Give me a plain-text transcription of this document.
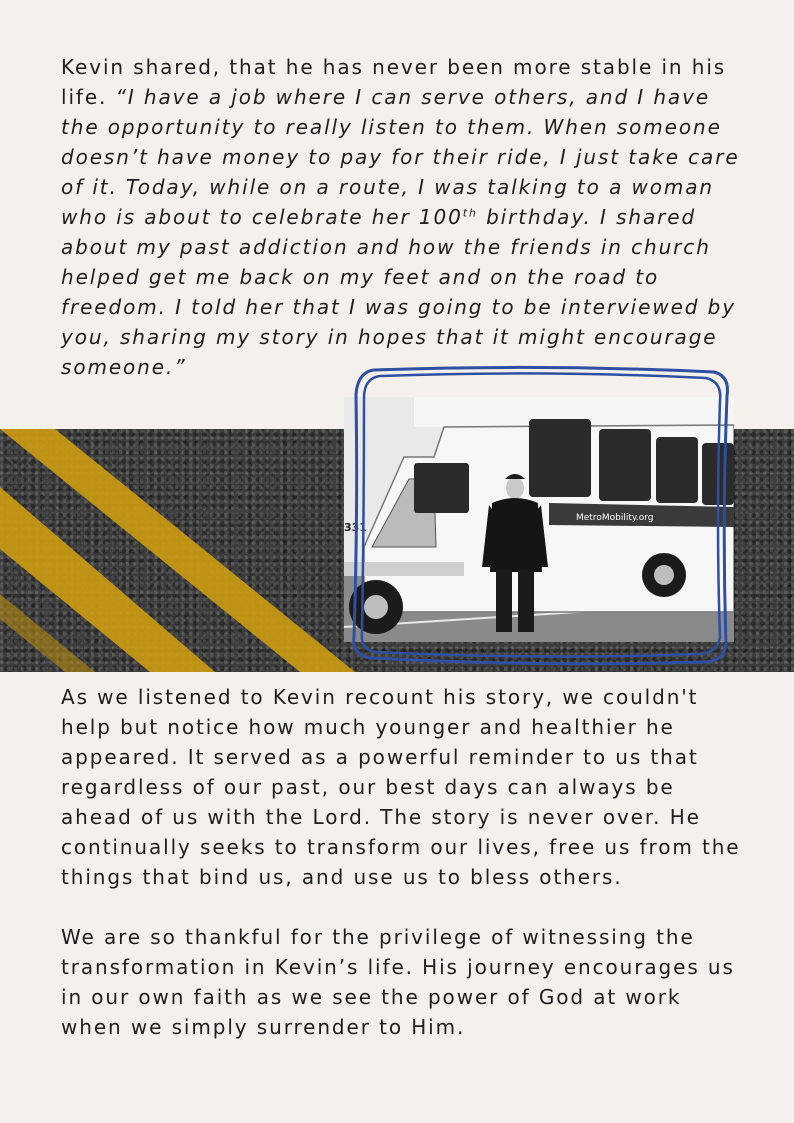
Kevin shared, that he has never been more stable in his life. “I have a job where I can serve others, and I have the opportunity to really listen to them. When someone doesn’t have money to pay for their ride, I just take care of it. Today, while on a route, I was talking to a woman who is about to celebrate her 100th birthday. I shared about my past addiction and how the friends in church helped get me back on my feet and on the road to freedom. I told her that I was going to be interviewed by you, sharing my story in hopes that it might encourage someone.”

MetroMobility.org
331

As we listened to Kevin recount his story, we couldn't help but notice how much younger and healthier he appeared. It served as a powerful reminder to us that regardless of our past, our best days can always be ahead of us with the Lord. The story is never over. He continually seeks to transform our lives, free us from the things that bind us, and use us to bless others.

We are so thankful for the privilege of witnessing the transformation in Kevin’s life. His journey encourages us in our own faith as we see the power of God at work when we simply surrender to Him.
